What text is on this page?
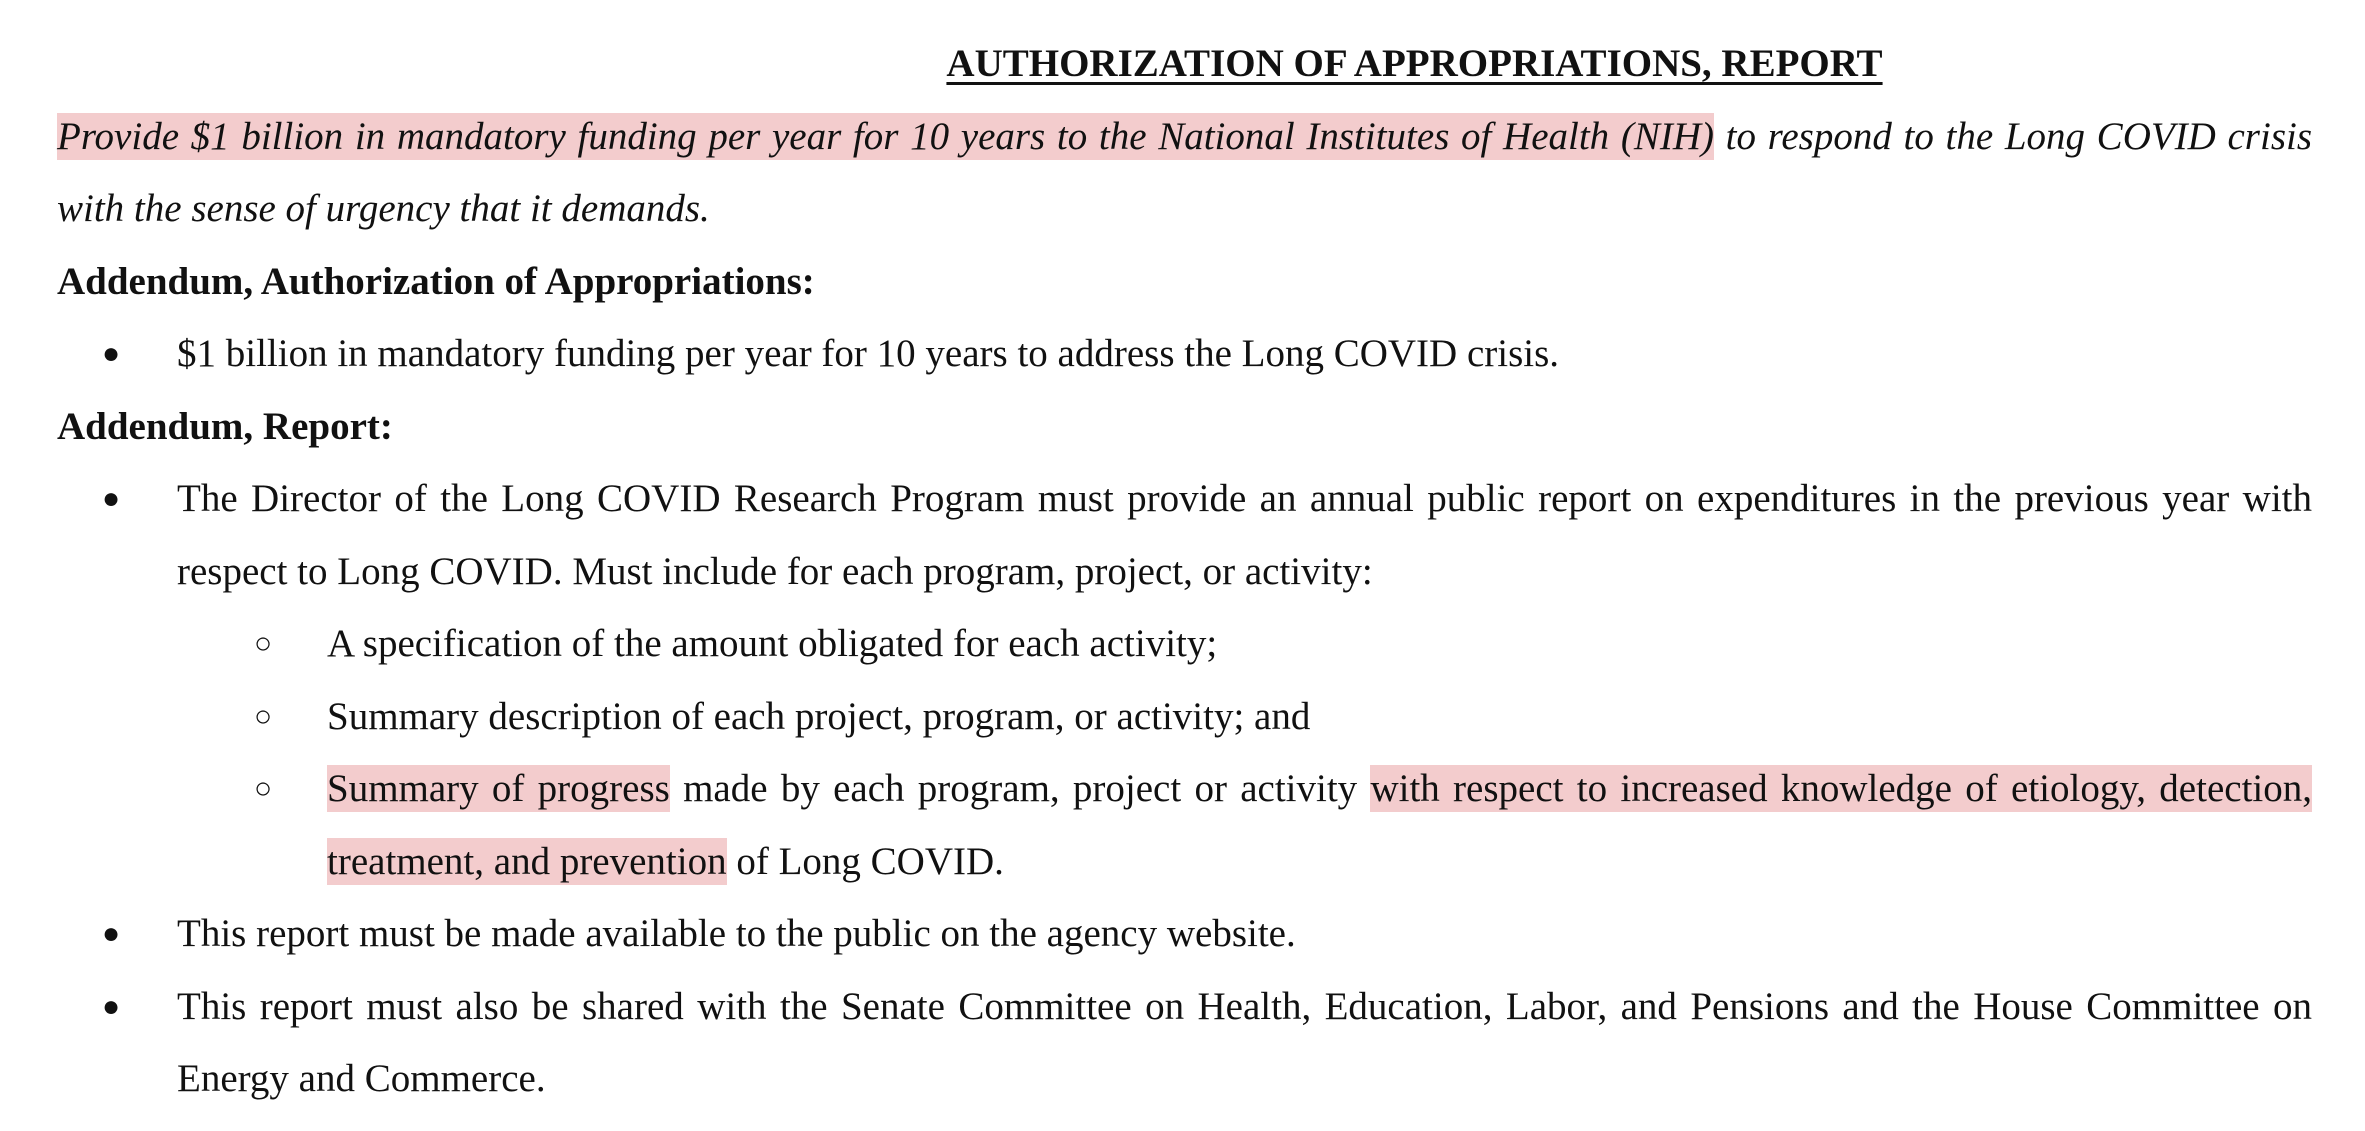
AUTHORIZATION OF APPROPRIATIONS, REPORT

Provide $1 billion in mandatory funding per year for 10 years to the National Institutes of Health (NIH) to respond to the Long COVID crisis with the sense of urgency that it demands.

Addendum, Authorization of Appropriations:

● $1 billion in mandatory funding per year for 10 years to address the Long COVID crisis.

Addendum, Report:

● The Director of the Long COVID Research Program must provide an annual public report on expenditures in the previous year with respect to Long COVID. Must include for each program, project, or activity:
○ A specification of the amount obligated for each activity;
○ Summary description of each project, program, or activity; and
○ Summary of progress made by each program, project or activity with respect to increased knowledge of etiology, detection, treatment, and prevention of Long COVID.
● This report must be made available to the public on the agency website.
● This report must also be shared with the Senate Committee on Health, Education, Labor, and Pensions and the House Committee on Energy and Commerce.
